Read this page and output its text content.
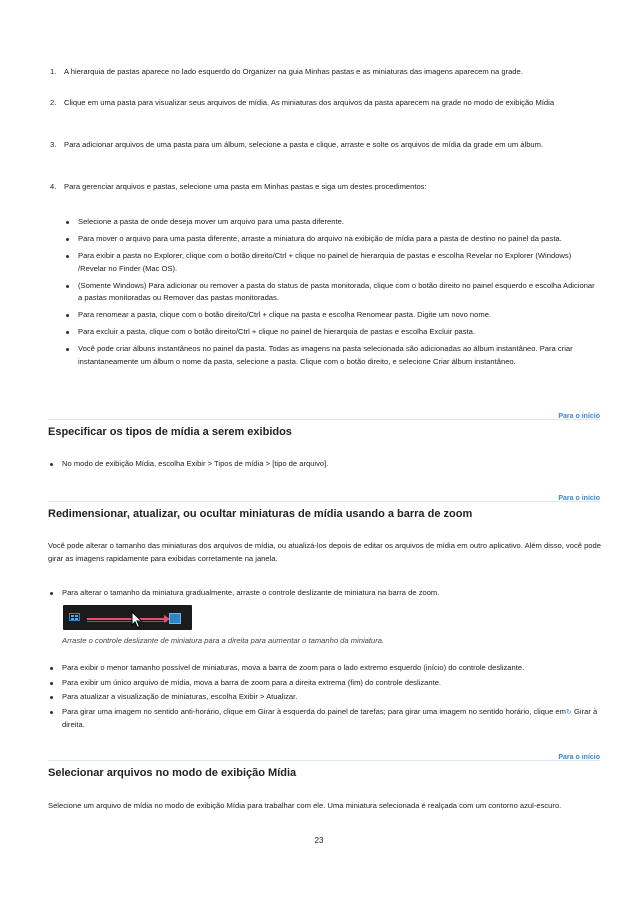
1. A hierarquia de pastas aparece no lado esquerdo do Organizer na guia Minhas pastas e as miniaturas das imagens aparecem na grade.
2. Clique em uma pasta para visualizar seus arquivos de mídia. As miniaturas dos arquivos da pasta aparecem na grade no modo de exibição Mídia
3. Para adicionar arquivos de uma pasta para um álbum, selecione a pasta e clique, arraste e solte os arquivos de mídia da grade em um álbum.
4. Para gerenciar arquivos e pastas, selecione uma pasta em Minhas pastas e siga um destes procedimentos:
Selecione a pasta de onde deseja mover um arquivo para uma pasta diferente.
Para mover o arquivo para uma pasta diferente, arraste a miniatura do arquivo na exibição de mídia para a pasta de destino no painel da pasta.
Para exibir a pasta no Explorer, clique com o botão direito/Ctrl + clique no painel de hierarquia de pastas e escolha Revelar no Explorer (Windows) /Revelar no Finder (Mac OS).
(Somente Windows) Para adicionar ou remover a pasta do status de pasta monitorada, clique com o botão direito no painel esquerdo e escolha Adicionar a pastas monitoradas ou Remover das pastas monitoradas.
Para renomear a pasta, clique com o botão direito/Ctrl + clique na pasta e escolha Renomear pasta. Digite um novo nome.
Para excluir a pasta, clique com o botão direito/Ctrl + clique no painel de hierarquia de pastas e escolha Excluir pasta.
Você pode criar álbuns instantâneos no painel da pasta. Todas as imagens na pasta selecionada são adicionadas ao álbum instantâneo. Para criar instantaneamente um álbum o nome da pasta, selecione a pasta. Clique com o botão direito, e selecione Criar álbum instantâneo.
Para o início
Especificar os tipos de mídia a serem exibidos
No modo de exibição Mídia, escolha Exibir > Tipos de mídia > [tipo de arquivo].
Para o início
Redimensionar, atualizar, ou ocultar miniaturas de mídia usando a barra de zoom

Você pode alterar o tamanho das miniaturas dos arquivos de mídia, ou atualizá-los depois de editar os arquivos de mídia em outro aplicativo. Além disso, você pode girar as imagens rapidamente para exibidas corretamente na janela.

Para alterar o tamanho da miniatura gradualmente, arraste o controle deslizante de miniatura na barra de zoom.
Arraste o controle deslizante de miniatura para a direita para aumentar o tamanho da miniatura.
Para exibir o menor tamanho possível de miniaturas, mova a barra de zoom para o lado extremo esquerdo (início) do controle deslizante.
Para exibir um único arquivo de mídia, mova a barra de zoom para a direita extrema (fim) do controle deslizante.
Para atualizar a visualização de miniaturas, escolha Exibir > Atualizar.
Para girar uma imagem no sentido anti-horário, clique em Girar à esquerda do painel de tarefas; para girar uma imagem no sentido horário, clique em↻ Girar à direita.
Para o início
Selecionar arquivos no modo de exibição Mídia

Selecione um arquivo de mídia no modo de exibição Mídia para trabalhar com ele. Uma miniatura selecionada é realçada com um contorno azul-escuro.

23
